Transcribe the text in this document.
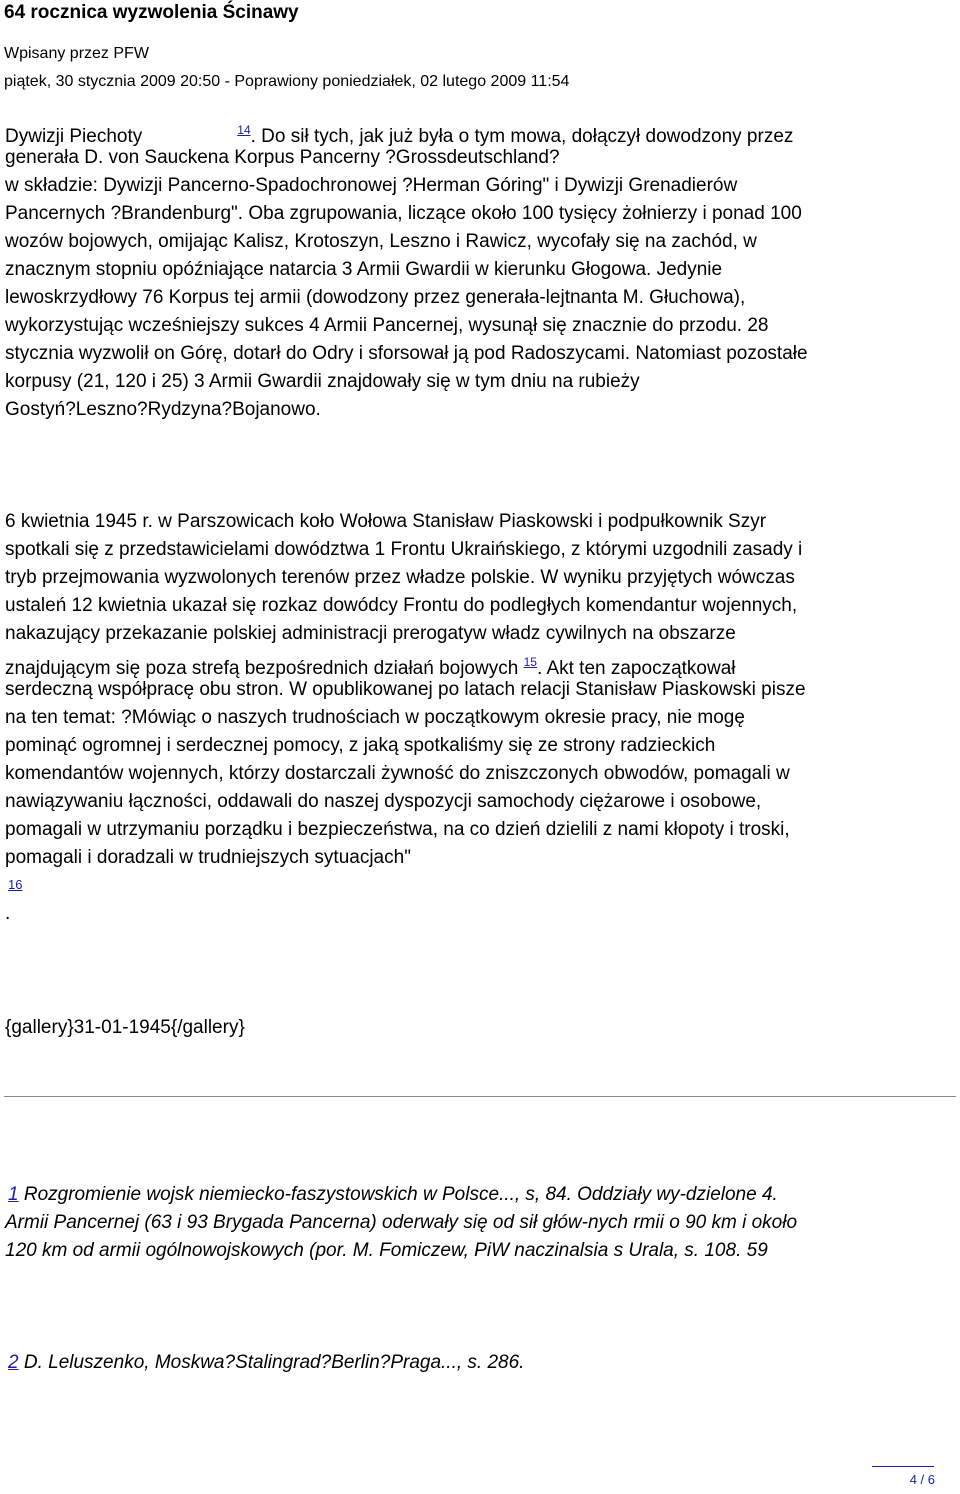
64 rocznica wyzwolenia Ścinawy
Wpisany przez PFW
piątek, 30 stycznia 2009 20:50 - Poprawiony poniedziałek, 02 lutego 2009 11:54
Dywizji Piechoty	$^{14}$. Do sił tych, jak już była o tym mowa, dołączył dowodzony przez
generała D. von Sauckena Korpus Pancerny ?Grossdeutschland?
w składzie: Dywizji Pancerno-Spadochronowej ?Herman Góring" i Dywizji Grenadierów
Pancernych ?Brandenburg". Oba zgrupowania, liczące około 100 tysięcy żołnierzy i ponad 100
wozów bojowych, omijając Kalisz, Krotoszyn, Leszno i Rawicz, wycofały się na zachód, w
znacznym stopniu opóźniające natarcia 3 Armii Gwardii w kierunku Głogowa. Jedynie
lewoskrzydłowy 76 Korpus tej armii (dowodzony przez generała-lejtnanta M. Głuchowa),
wykorzystując wcześniejszy sukces 4 Armii Pancernej, wysunął się znacznie do przodu. 28
stycznia wyzwolił on Górę, dotarł do Odry i sforsował ją pod Radoszycami. Natomiast pozostałe
korpusy (21, 120 i 25) 3 Armii Gwardii znajdowały się w tym dniu na rubieży
Gostyń?Leszno?Rydzyna?Bojanowo.
6 kwietnia 1945 r. w Parszowicach koło Wołowa Stanisław Piaskowski i podpułkownik Szyr
spotkali się z przedstawicielami dowództwa 1 Frontu Ukraińskiego, z którymi uzgodnili zasady i
tryb przejmowania wyzwolonych terenów przez władze polskie. W wyniku przyjętych wówczas
ustaleń 12 kwietnia ukazał się rozkaz dowódcy Frontu do podległych komendantur wojennych,
nakazujący przekazanie polskiej administracji prerogatyw władz cywilnych na obszarze
znajdującym się poza strefą bezpośrednich działań bojowych $^{15}$. Akt ten zapoczątkował
serdeczną współpracę obu stron. W opublikowanej po latach relacji Stanisław Piaskowski pisze
na ten temat: ?Mówiąc o naszych trudnościach w początkowym okresie pracy, nie mogę
pominąć ogromnej i serdecznej pomocy, z jaką spotkaliśmy się ze strony radzieckich
komendantów wojennych, którzy dostarczali żywność do zniszczonych obwodów, pomagali w
nawiązywaniu łączności, oddawali do naszej dyspozycji samochody ciężarowe i osobowe,
pomagali w utrzymaniu porządku i bezpieczeństwa, na co dzień dzielili z nami kłopoty i troski,
pomagali i doradzali w trudniejszych sytuacjach"
16
.
{gallery}31-01-1945{/gallery}
1 Rozgromienie wojsk niemiecko-faszystowskich w Polsce..., s, 84. Oddziały wy-dzielone 4.
Armii Pancernej (63 i 93 Brygada Pancerna) oderwały się od sił głów-nych rmii o 90 km i około
120 km od armii ogólnowojskowych (por. M. Fomiczew, PiW naczinalsia s Urala, s. 108. 59
2 D. Leluszenko, Moskwa?Stalingrad?Berlin?Praga..., s. 286.
4 / 6
